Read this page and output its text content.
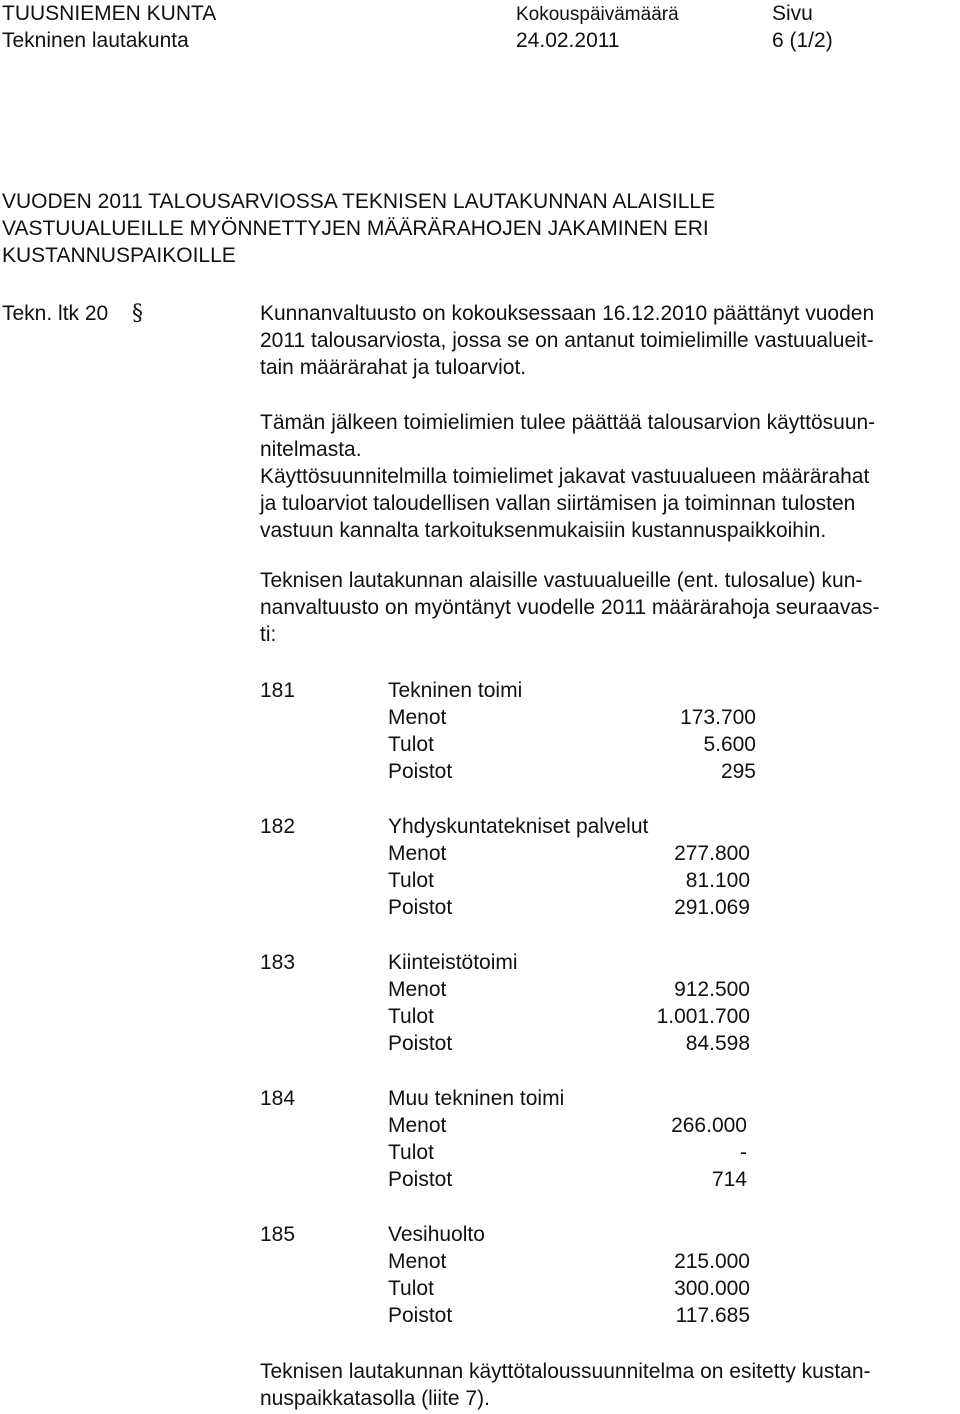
TUUSNIEMEN KUNTA
Tekninen lautakunta
Kokouspäivämäärä
24.02.2011
Sivu
6 (1/2)
VUODEN 2011 TALOUSARVIOSSA TEKNISEN LAUTAKUNNAN ALAISILLE
VASTUUALUEILLE MYÖNNETTYJEN MÄÄRÄRAHOJEN JAKAMINEN ERI
KUSTANNUSPAIKOILLE
Tekn. ltk 20 §	Kunnanvaltuusto on kokouksessaan 16.12.2010 päättänyt vuoden
2011 talousarviosta, jossa se on antanut toimielimille vastuualueit-
tain määrärahat ja tuloarviot.
Tämän jälkeen toimielimien tulee päättää talousarvion käyttösuun-
nitelmasta.
Käyttösuunnitelmilla toimielimet jakavat vastuualueen määrärahat
ja tuloarviot taloudellisen vallan siirtämisen ja toiminnan tulosten
vastuun kannalta tarkoituksenmukaisiin kustannuspaikkoihin.
Teknisen lautakunnan alaisille vastuualueille (ent. tulosalue) kun-
nanvaltuusto on myöntänyt vuodelle 2011 määrärahoja seuraavas-
ti:
181	Tekninen toimi
Menot	173.700
Tulot	5.600
Poistot	295
182	Yhdyskuntatekniset palvelut
Menot	277.800
Tulot	81.100
Poistot	291.069
183	Kiinteistötoimi
Menot	912.500
Tulot	1.001.700
Poistot	84.598
184	Muu tekninen toimi
Menot	266.000
Tulot	-
Poistot	714
185	Vesihuolto
Menot	215.000
Tulot	300.000
Poistot	117.685
Teknisen lautakunnan käyttötaloussuunnitelma on esitetty kustan-
nuspaikkatasolla (liite 7).
